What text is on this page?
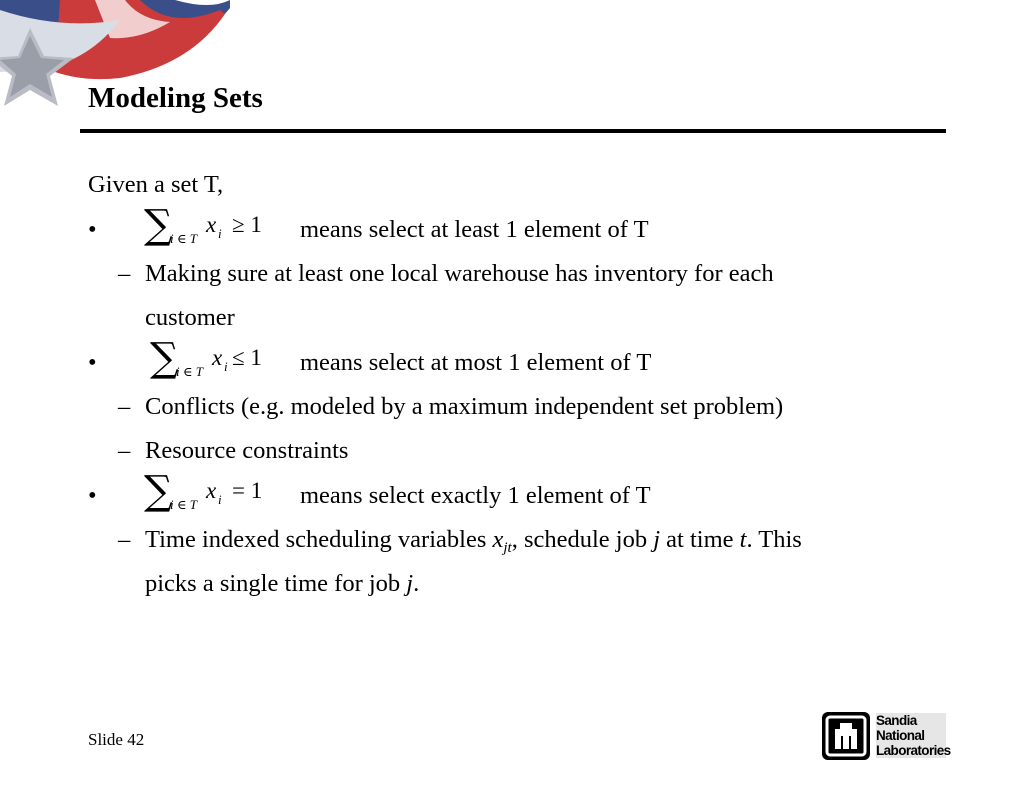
Modeling Sets
Given a set T,
• ∑
i ∈ T
x i ≥ 1 means select at least 1 element of T
– Making sure at least one local warehouse has inventory for each
customer
• ∑
i ∈ T
x i ≤ 1 means select at most 1 element of T
– Conflicts (e.g. modeled by a maximum independent set problem)
– Resource constraints
• ∑
i ∈ T
x i = 1 means select exactly 1 element of T
– Time indexed scheduling variables $x_{jt}$, schedule job j at time t. This
picks a single time for job j.
Slide 42
Sandia
National
Laboratories
